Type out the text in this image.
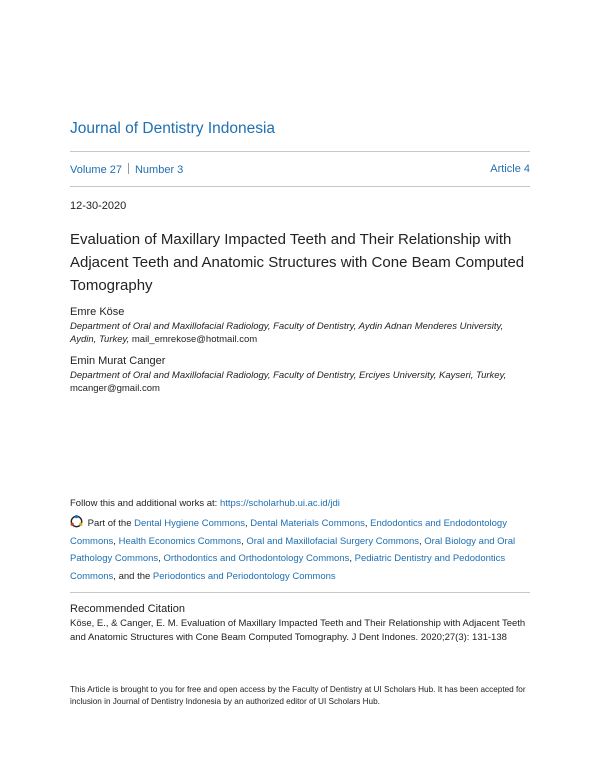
Journal of Dentistry Indonesia
Volume 27 Number 3	Article 4
12-30-2020
Evaluation of Maxillary Impacted Teeth and Their Relationship with Adjacent Teeth and Anatomic Structures with Cone Beam Computed Tomography
Emre Köse
Department of Oral and Maxillofacial Radiology, Faculty of Dentistry, Aydin Adnan Menderes University, Aydin, Turkey, mail_emrekose@hotmail.com
Emin Murat Canger
Department of Oral and Maxillofacial Radiology, Faculty of Dentistry, Erciyes University, Kayseri, Turkey, mcanger@gmail.com
Follow this and additional works at: https://scholarhub.ui.ac.id/jdi
Part of the Dental Hygiene Commons, Dental Materials Commons, Endodontics and Endodontology Commons, Health Economics Commons, Oral and Maxillofacial Surgery Commons, Oral Biology and Oral Pathology Commons, Orthodontics and Orthodontology Commons, Pediatric Dentistry and Pedodontics Commons, and the Periodontics and Periodontology Commons
Recommended Citation
Köse, E., & Canger, E. M. Evaluation of Maxillary Impacted Teeth and Their Relationship with Adjacent Teeth and Anatomic Structures with Cone Beam Computed Tomography. J Dent Indones. 2020;27(3): 131-138
This Article is brought to you for free and open access by the Faculty of Dentistry at UI Scholars Hub. It has been accepted for inclusion in Journal of Dentistry Indonesia by an authorized editor of UI Scholars Hub.
